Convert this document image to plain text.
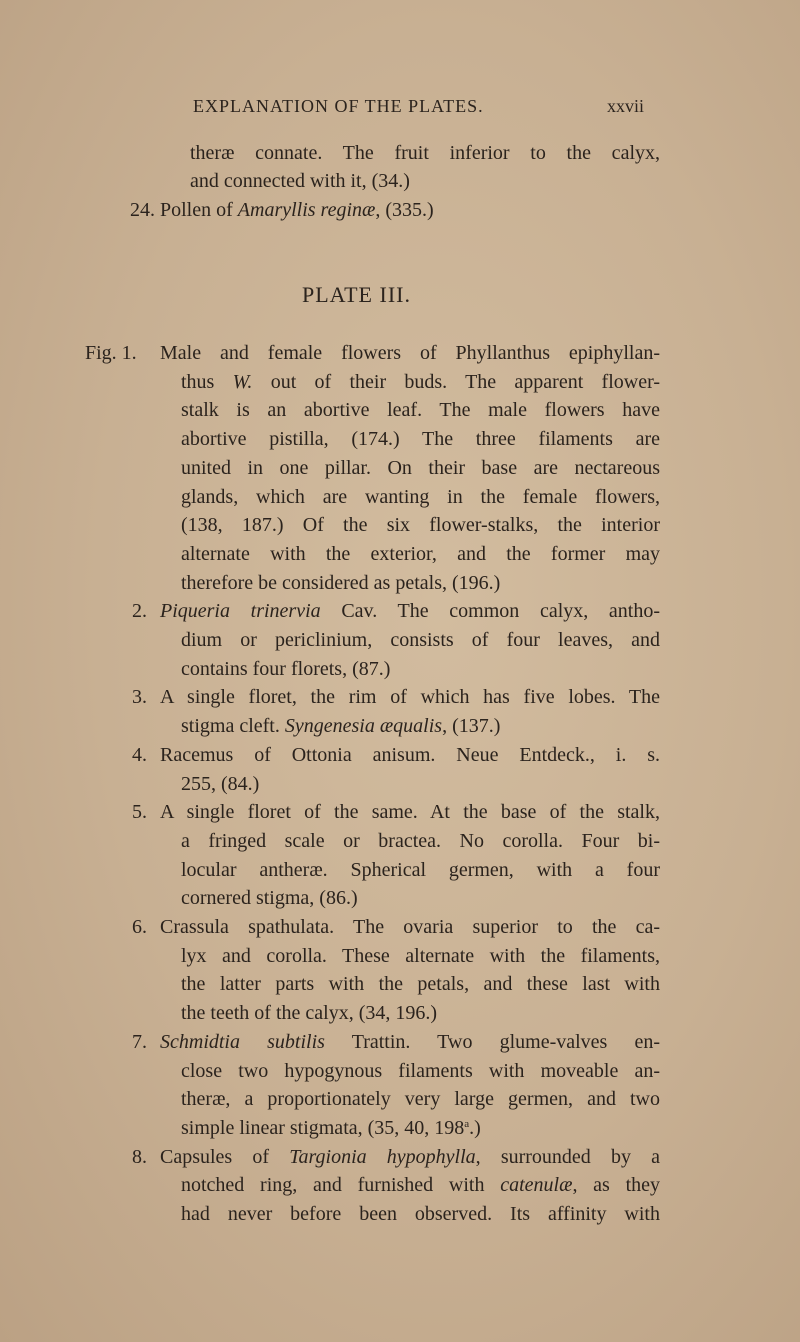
EXPLANATION OF THE PLATES.	xxvii
theræ connate. The fruit inferior to the calyx,
and connected with it, (34.)
24. Pollen of Amaryllis reginæ, (335.)
PLATE III.
Fig. 1. Male and female flowers of Phyllanthus epiphyllan-
thus W. out of their buds. The apparent flower-
stalk is an abortive leaf. The male flowers have
abortive pistilla, (174.) The three filaments are
united in one pillar. On their base are nectareous
glands, which are wanting in the female flowers,
(138, 187.) Of the six flower-stalks, the interior
alternate with the exterior, and the former may
therefore be considered as petals, (196.)
2. Piqueria trinervia Cav. The common calyx, antho-
dium or periclinium, consists of four leaves, and
contains four florets, (87.)
3. A single floret, the rim of which has five lobes. The
stigma cleft. Syngenesia æqualis, (137.)
4. Racemus of Ottonia anisum. Neue Entdeck., i. s.
255, (84.)
5. A single floret of the same. At the base of the stalk,
a fringed scale or bractea. No corolla. Four bi-
locular antheræ. Spherical germen, with a four
cornered stigma, (86.)
6. Crassula spathulata. The ovaria superior to the ca-
lyx and corolla. These alternate with the filaments,
the latter parts with the petals, and these last with
the teeth of the calyx, (34, 196.)
7. Schmidtia subtilis Trattin. Two glume-valves en-
close two hypogynous filaments with moveable an-
theræ, a proportionately very large germen, and two
simple linear stigmata, (35, 40, 198$^a$.)
8. Capsules of Targionia hypophylla, surrounded by a
notched ring, and furnished with catenulæ, as they
had never before been observed. Its affinity with
